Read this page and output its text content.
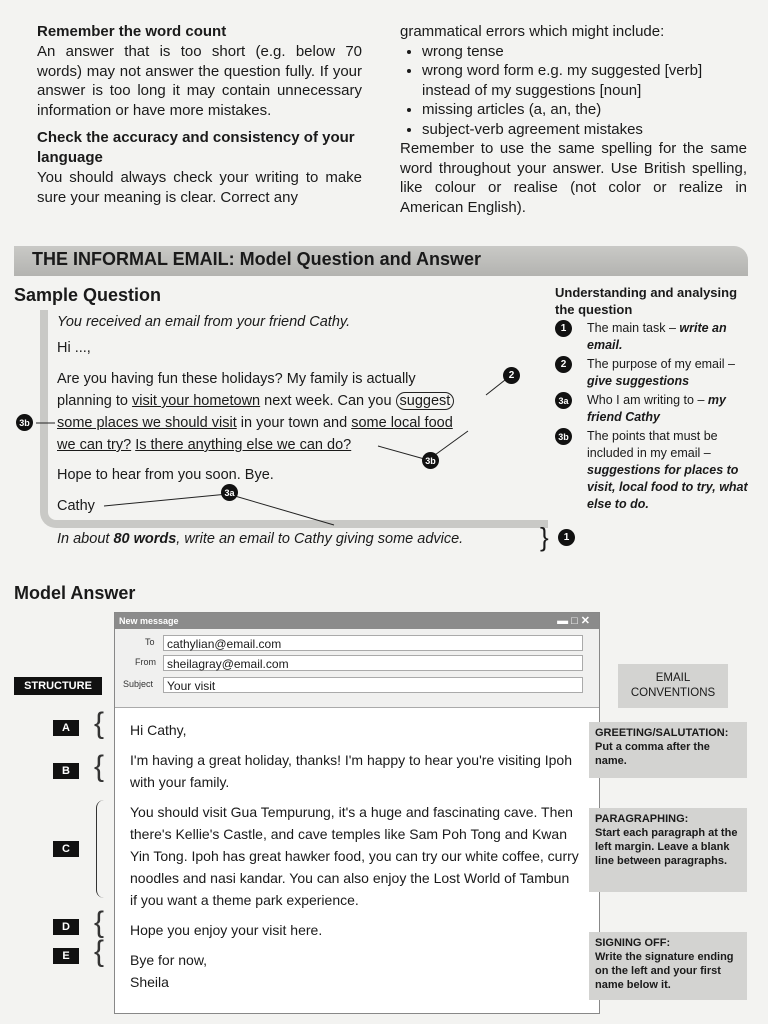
Remember the word count
An answer that is too short (e.g. below 70 words) may not answer the question fully. If your answer is too long it may contain unnecessary information or have more mistakes.
Check the accuracy and consistency of your language
You should always check your writing to make sure your meaning is clear. Correct any
grammatical errors which might include:
• wrong tense
• wrong word form e.g. my suggested [verb] instead of my suggestions [noun]
• missing articles (a, an, the)
• subject-verb agreement mistakes
Remember to use the same spelling for the same word throughout your answer. Use British spelling, like colour or realise (not color or realize in American English).
THE INFORMAL EMAIL: Model Question and Answer
Sample Question
You received an email from your friend Cathy.
Hi ...,
Are you having fun these holidays? My family is actually
planning to visit your hometown next week. Can you suggest
some places we should visit in your town and some local food
we can try? Is there anything else we can do?
Hope to hear from you soon. Bye.
Cathy
In about 80 words, write an email to Cathy giving some advice.	}	1
2
3b
3b
3a
Understanding and analysing the question
1	The main task – write an email.
2	The purpose of my email – give suggestions
3a Who I am writing to – my friend Cathy
3b The points that must be included in my email – suggestions for places to visit, local food to try, what else to do.
Model Answer
New message	▬□✕
To	cathylian@email.com
From sheilagray@email.com
Subject	Your visit
Hi Cathy,
I'm having a great holiday, thanks! I'm happy to hear you're visiting Ipoh with your family.
You should visit Gua Tempurung, it's a huge and fascinating cave. Then there's Kellie's Castle, and cave temples like Sam Poh Tong and Kwan Yin Tong. Ipoh has great hawker food, you can try our white coffee, curry noodles and nasi kandar. You can also enjoy the Lost World of Tambun if you want a theme park experience.
Hope you enjoy your visit here.
Bye for now,
Sheila
STRUCTURE
A {
B {
C
D {
E {
EMAIL CONVENTIONS
GREETING/SALUTATION:
Put a comma after the name.
PARAGRAPHING:
Start each paragraph at the left margin. Leave a blank line between paragraphs.
SIGNING OFF:
Write the signature ending on the left and your first name below it.
